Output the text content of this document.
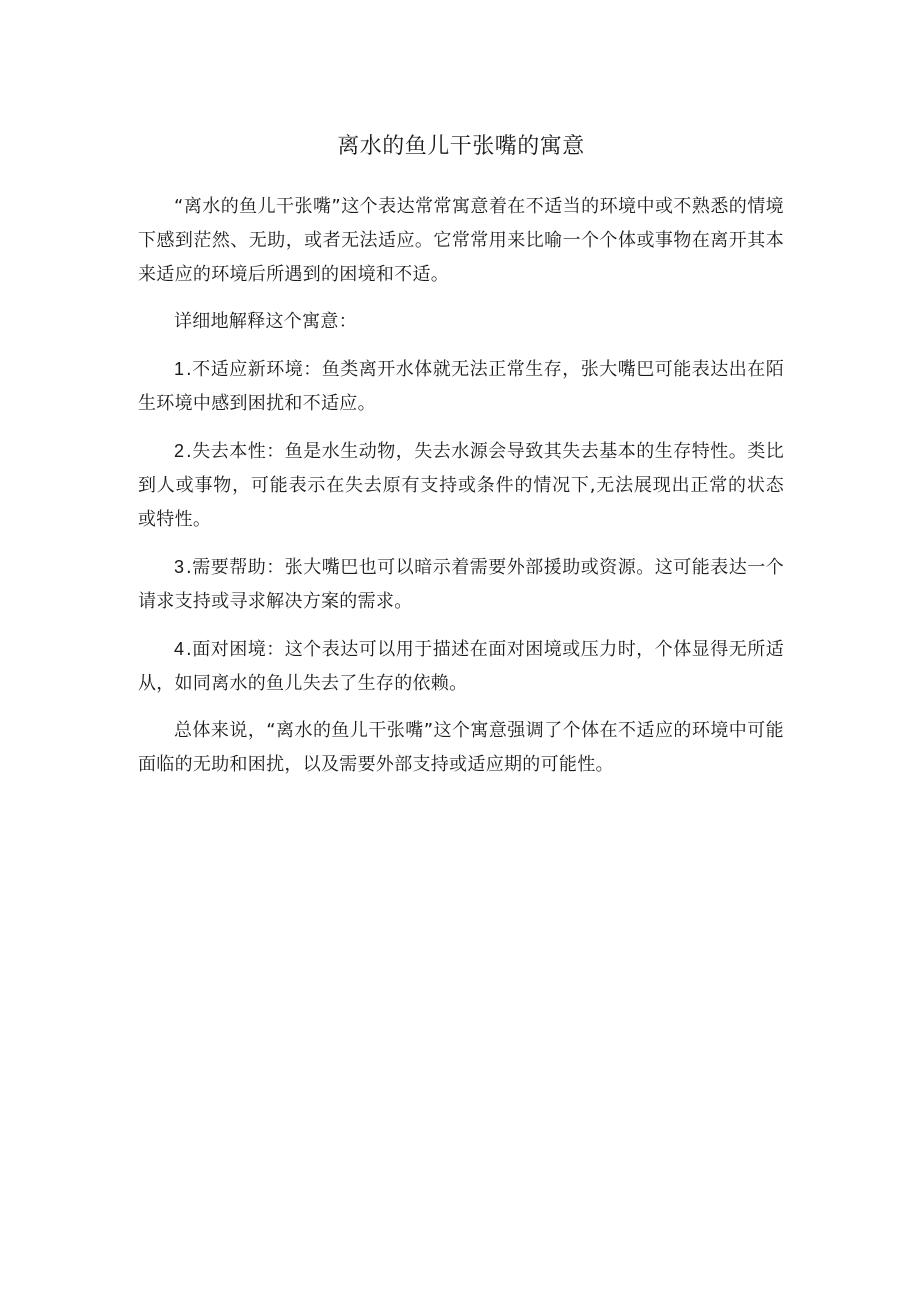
离水的鱼儿干张嘴的寓意

“离水的鱼儿干张嘴”这个表达常常寓意着在不适当的环境中或不熟悉的情境下感到茫然、无助，或者无法适应。它常常用来比喻一个个体或事物在离开其本来适应的环境后所遇到的困境和不适。

详细地解释这个寓意：

1.不适应新环境：鱼类离开水体就无法正常生存，张大嘴巴可能表达出在陌生环境中感到困扰和不适应。

2.失去本性：鱼是水生动物，失去水源会导致其失去基本的生存特性。类比到人或事物，可能表示在失去原有支持或条件的情况下,无法展现出正常的状态或特性。

3.需要帮助：张大嘴巴也可以暗示着需要外部援助或资源。这可能表达一个请求支持或寻求解决方案的需求。

4.面对困境：这个表达可以用于描述在面对困境或压力时，个体显得无所适从，如同离水的鱼儿失去了生存的依赖。

总体来说，“离水的鱼儿干张嘴”这个寓意强调了个体在不适应的环境中可能面临的无助和困扰，以及需要外部支持或适应期的可能性。
